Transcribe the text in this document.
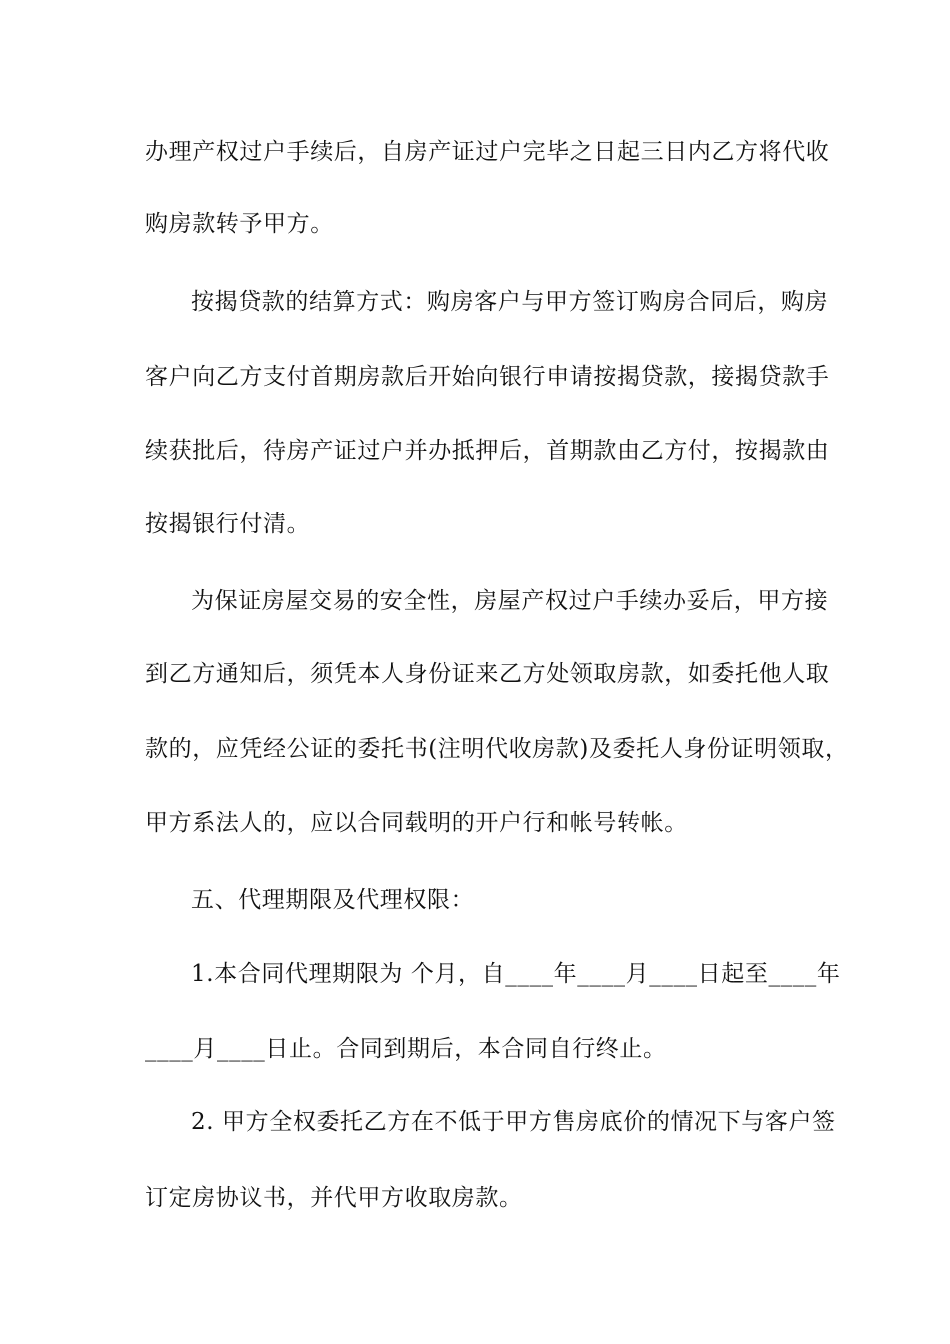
办理产权过户手续后，自房产证过户完毕之日起三日内乙方将代收
购房款转予甲方。
按揭贷款的结算方式：购房客户与甲方签订购房合同后，购房
客户向乙方支付首期房款后开始向银行申请按揭贷款，接揭贷款手
续获批后，待房产证过户并办抵押后，首期款由乙方付，按揭款由
按揭银行付清。
为保证房屋交易的安全性，房屋产权过户手续办妥后，甲方接
到乙方通知后，须凭本人身份证来乙方处领取房款，如委托他人取
款的，应凭经公证的委托书(注明代收房款)及委托人身份证明领取，
甲方系法人的，应以合同载明的开户行和帐号转帐。
五、代理期限及代理权限：
1.本合同代理期限为 个月，自____年____月____日起至____年
____月____日止。合同到期后，本合同自行终止。
2. 甲方全权委托乙方在不低于甲方售房底价的情况下与客户签
订定房协议书，并代甲方收取房款。
